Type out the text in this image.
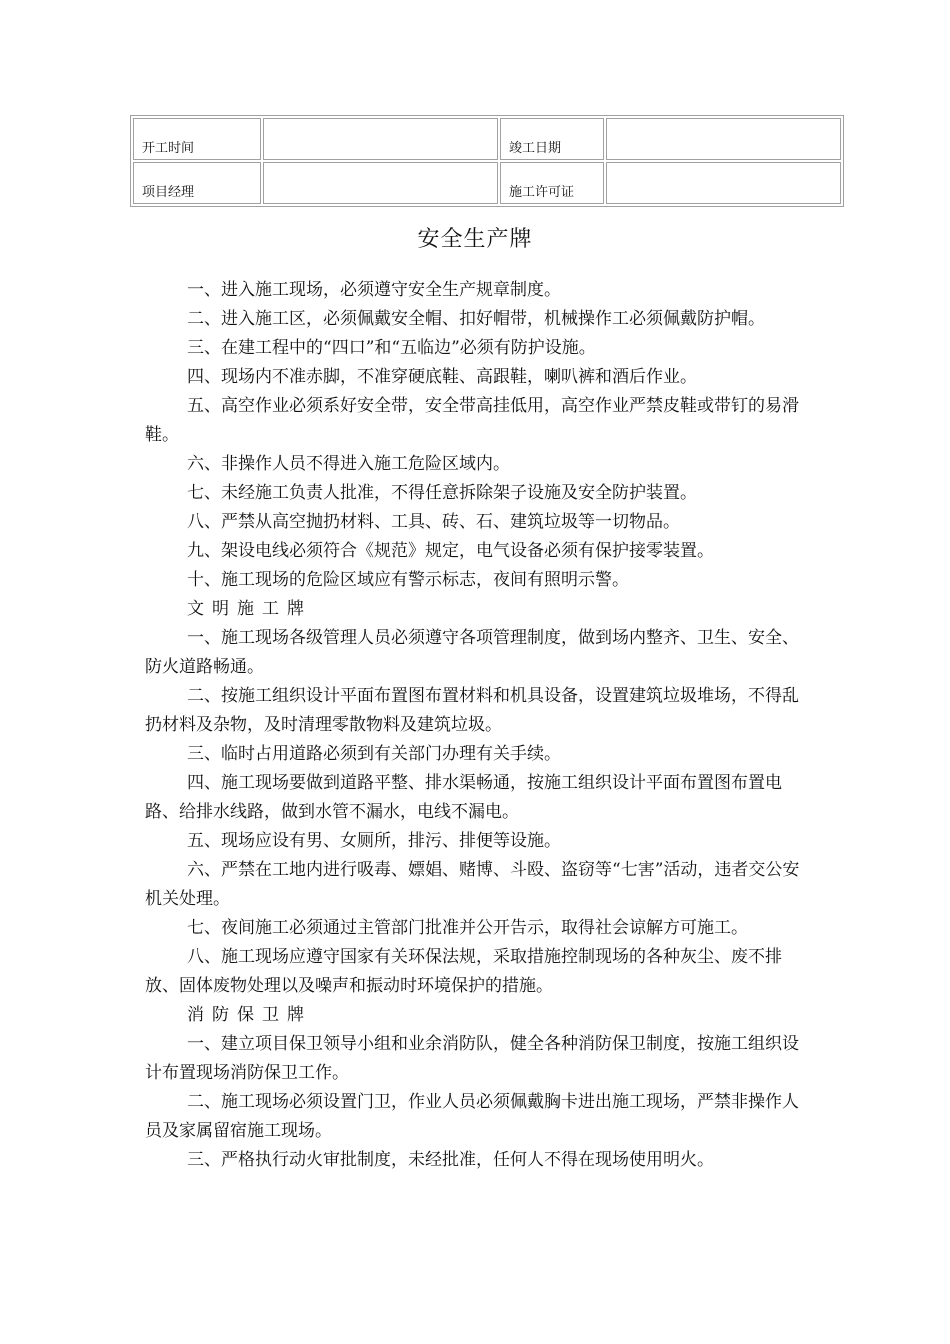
开工时间		竣工日期	
项目经理		施工许可证	
安全生产牌

一、进入施工现场，必须遵守安全生产规章制度。

二、进入施工区，必须佩戴安全帽、扣好帽带，机械操作工必须佩戴防护帽。

三、在建工程中的“四口”和“五临边”必须有防护设施。

四、现场内不准赤脚，不准穿硬底鞋、高跟鞋，喇叭裤和酒后作业。

五、高空作业必须系好安全带，安全带高挂低用，高空作业严禁皮鞋或带钉的易滑鞋。

六、非操作人员不得进入施工危险区域内。

七、未经施工负责人批准，不得任意拆除架子设施及安全防护装置。

八、严禁从高空抛扔材料、工具、砖、石、建筑垃圾等一切物品。

九、架设电线必须符合《规范》规定，电气设备必须有保护接零装置。

十、施工现场的危险区域应有警示标志，夜间有照明示警。

文明施工牌

一、施工现场各级管理人员必须遵守各项管理制度，做到场内整齐、卫生、安全、防火道路畅通。

二、按施工组织设计平面布置图布置材料和机具设备，设置建筑垃圾堆场，不得乱扔材料及杂物，及时清理零散物料及建筑垃圾。

三、临时占用道路必须到有关部门办理有关手续。

四、施工现场要做到道路平整、排水渠畅通，按施工组织设计平面布置图布置电路、给排水线路，做到水管不漏水，电线不漏电。

五、现场应设有男、女厕所，排污、排便等设施。

六、严禁在工地内进行吸毒、嫖娼、赌博、斗殴、盗窃等“七害”活动，违者交公安机关处理。

七、夜间施工必须通过主管部门批准并公开告示，取得社会谅解方可施工。

八、施工现场应遵守国家有关环保法规，采取措施控制现场的各种灰尘、废不排放、固体废物处理以及噪声和振动时环境保护的措施。

消防保卫牌

一、建立项目保卫领导小组和业余消防队，健全各种消防保卫制度，按施工组织设计布置现场消防保卫工作。

二、施工现场必须设置门卫，作业人员必须佩戴胸卡进出施工现场，严禁非操作人员及家属留宿施工现场。

三、严格执行动火审批制度，未经批准，任何人不得在现场使用明火。
